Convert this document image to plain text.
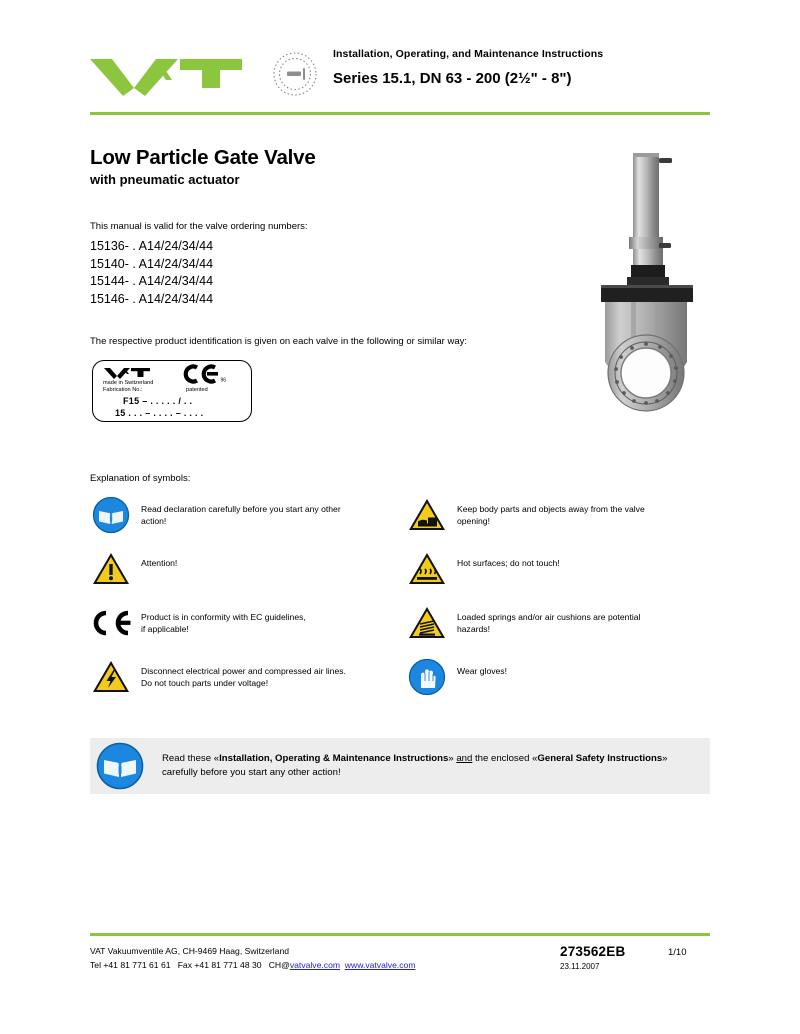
Installation, Operating, and Maintenance Instructions
Series 15.1, DN 63 - 200 (2½" - 8")
Low Particle Gate Valve
with pneumatic actuator
This manual is valid for the valve ordering numbers:
15136- . A14/24/34/44
15140- . A14/24/34/44
15144- . A14/24/34/44
15146- . A14/24/34/44
The respective product identification is given on each valve in the following or similar way:
96
made in Switzerland
Fabrication No.:	patented
F15 – . . . . . / . .
15 . . . – . . . . – . . . .
Explanation of symbols:
Read declaration carefully before you start any other
action!
Attention!
Product is in conformity with EC guidelines,
if applicable!
Disconnect electrical power and compressed air lines.
Do not touch parts under voltage!
Keep body parts and objects away from the valve
opening!
Hot surfaces; do not touch!
Loaded springs and/or air cushions are potential
hazards!
Wear gloves!
Read these «Installation, Operating & Maintenance Instructions» and the enclosed «General Safety Instructions» carefully before you start any other action!
VAT Vakuumventile AG, CH-9469 Haag, Switzerland
Tel +41 81 771 61 61 Fax +41 81 771 48 30 CH@vatvalve.com www.vatvalve.com
273562EB
23.11.2007
1/10
